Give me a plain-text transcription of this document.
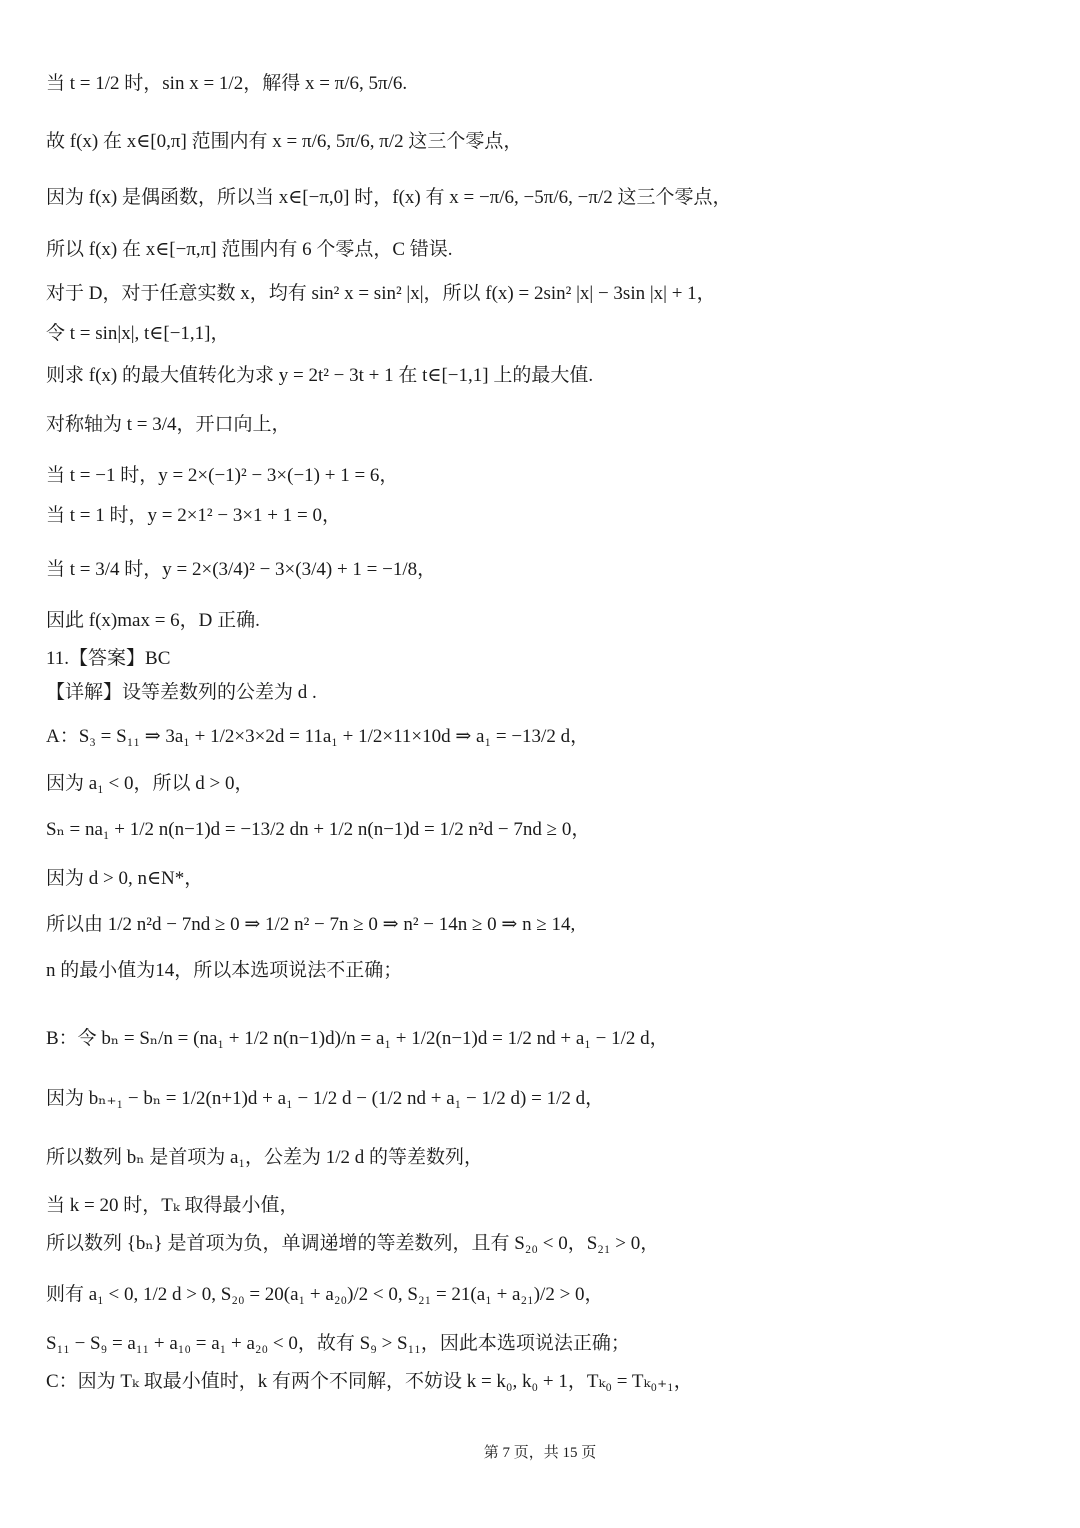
当 t = 1/2 时，sin x = 1/2，解得 x = π/6, 5π/6.
故 f(x) 在 x∈[0,π] 范围内有 x = π/6, 5π/6, π/2 这三个零点，
因为 f(x) 是偶函数，所以当 x∈[−π,0] 时，f(x) 有 x = −π/6, −5π/6, −π/2 这三个零点，
所以 f(x) 在 x∈[−π,π] 范围内有 6 个零点，C 错误.
对于 D，对于任意实数 x，均有 sin² x = sin² |x|，所以 f(x) = 2sin² |x| − 3sin |x| + 1，
令 t = sin|x|, t∈[−1,1]，
则求 f(x) 的最大值转化为求 y = 2t² − 3t + 1 在 t∈[−1,1] 上的最大值.
对称轴为 t = 3/4，开口向上，
当 t = −1 时，y = 2×(−1)² − 3×(−1) + 1 = 6，
当 t = 1 时，y = 2×1² − 3×1 + 1 = 0，
当 t = 3/4 时，y = 2×(3/4)² − 3×(3/4) + 1 = −1/8，
因此 f(x)max = 6，D 正确.
11.【答案】BC
【详解】设等差数列的公差为 d .
A：S₃ = S₁₁ ⇒ 3a₁ + 1/2×3×2d = 11a₁ + 1/2×11×10d ⇒ a₁ = −13/2 d，
因为 a₁ < 0，所以 d > 0，
Sₙ = na₁ + 1/2 n(n−1)d = −13/2 dn + 1/2 n(n−1)d = 1/2 n²d − 7nd ≥ 0，
因为 d > 0, n∈N*，
所以由 1/2 n²d − 7nd ≥ 0 ⇒ 1/2 n² − 7n ≥ 0 ⇒ n² − 14n ≥ 0 ⇒ n ≥ 14,
n 的最小值为14，所以本选项说法不正确；
B：令 bₙ = Sₙ/n = (na₁ + 1/2 n(n−1)d)/n = a₁ + 1/2(n−1)d = 1/2 nd + a₁ − 1/2 d，
因为 bₙ₊₁ − bₙ = 1/2(n+1)d + a₁ − 1/2 d − (1/2 nd + a₁ − 1/2 d) = 1/2 d，
所以数列 bₙ 是首项为 a₁，公差为 1/2 d 的等差数列，
当 k = 20 时，Tₖ 取得最小值，
所以数列 {bₙ} 是首项为负，单调递增的等差数列，且有 S₂₀ < 0，S₂₁ > 0，
则有 a₁ < 0, 1/2 d > 0, S₂₀ = 20(a₁ + a₂₀)/2 < 0, S₂₁ = 21(a₁ + a₂₁)/2 > 0，
S₁₁ − S₉ = a₁₁ + a₁₀ = a₁ + a₂₀ < 0，故有 S₉ > S₁₁，因此本选项说法正确；
C：因为 Tₖ 取最小值时，k 有两个不同解，不妨设 k = k₀, k₀ + 1，Tₖ₀ = Tₖ₀₊₁，
第 7 页，共 15 页
